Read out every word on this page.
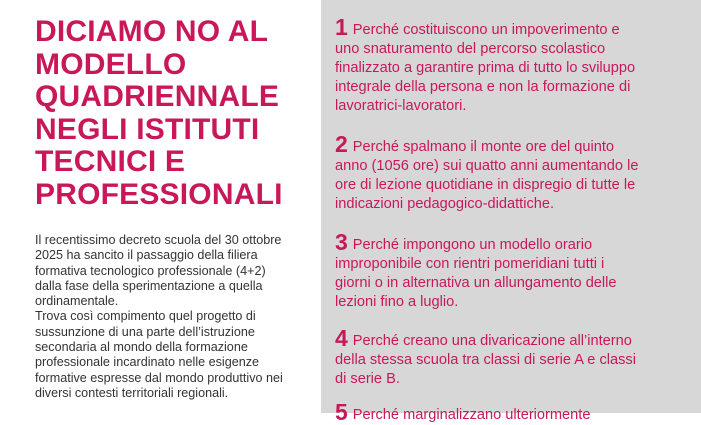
DICIAMO NO AL
MODELLO
QUADRIENNALE
NEGLI ISTITUTI
TECNICI E
PROFESSIONALI

Il recentissimo decreto scuola del 30 ottobre
2025 ha sancito il passaggio della filiera
formativa tecnologico professionale (4+2)
dalla fase della sperimentazione a quella
ordinamentale.

Trova così compimento quel progetto di
sussunzione di una parte dell’istruzione
secondaria al mondo della formazione
professionale incardinato nelle esigenze
formative espresse dal mondo produttivo nei
diversi contesti territoriali regionali.

1 Perché costituiscono un impoverimento e
uno snaturamento del percorso scolastico
finalizzato a garantire prima di tutto lo sviluppo
integrale della persona e non la formazione di
lavoratrici-lavoratori.
2 Perché spalmano il monte ore del quinto
anno (1056 ore) sui quatto anni aumentando le
ore di lezione quotidiane in dispregio di tutte le
indicazioni pedagogico-didattiche.
3 Perché impongono un modello orario
improponibile con rientri pomeridiani tutti i
giorni o in alternativa un allungamento delle
lezioni fino a luglio.
4 Perché creano una divaricazione all’interno
della stessa scuola tra classi di serie A e classi
di serie B.
5 Perché marginalizzano ulteriormente
